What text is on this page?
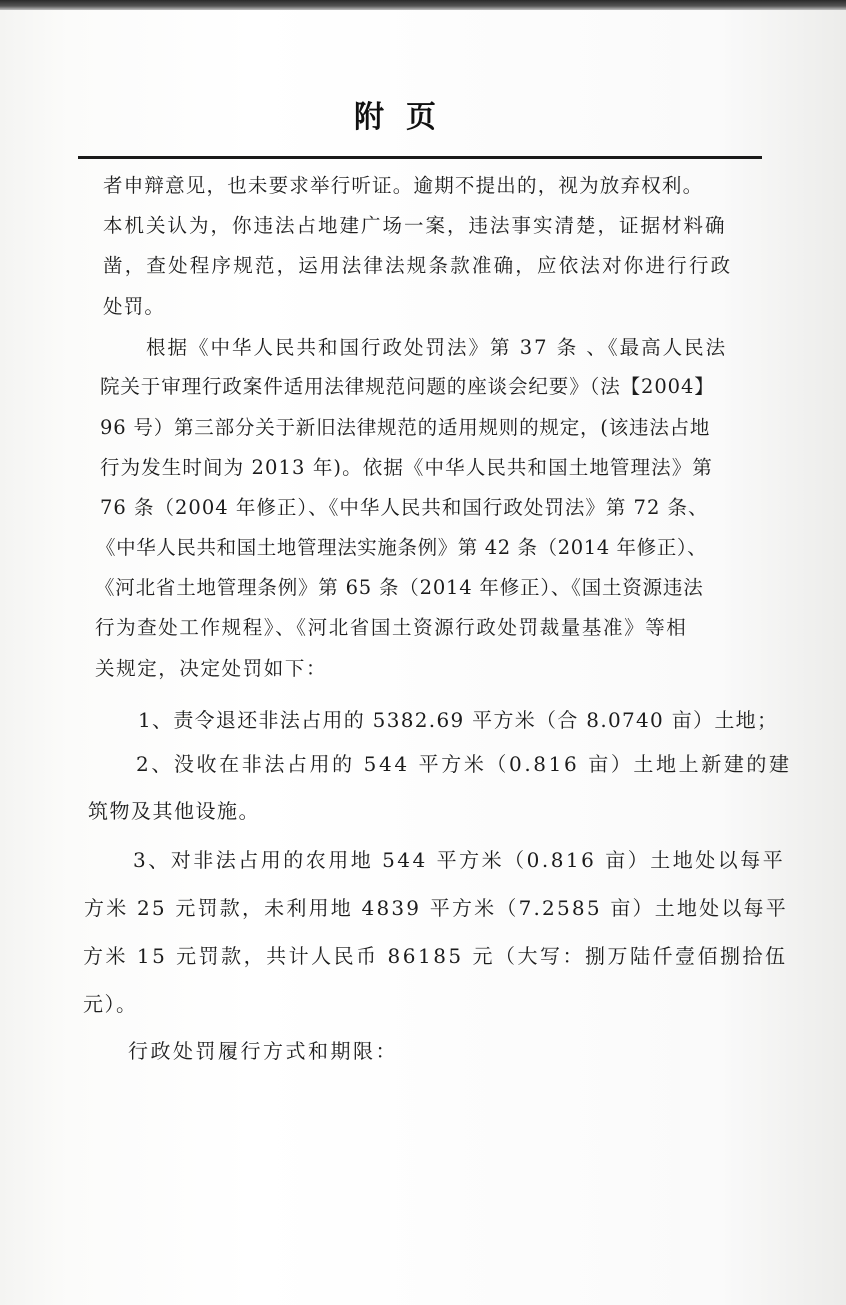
附页
者申辩意见，也未要求举行听证。逾期不提出的，视为放弃权利。
本机关认为，你违法占地建广场一案，违法事实清楚，证据材料确
凿，查处程序规范，运用法律法规条款准确，应依法对你进行行政
处罚。
根据《中华人民共和国行政处罚法》第 37 条 、《最高人民法
院关于审理行政案件适用法律规范问题的座谈会纪要》（法【2004】
96 号）第三部分关于新旧法律规范的适用规则的规定，(该违法占地
行为发生时间为 2013 年)。依据《中华人民共和国土地管理法》第
76 条（2004 年修正）、《中华人民共和国行政处罚法》第 72 条、
《中华人民共和国土地管理法实施条例》第 42 条（2014 年修正）、
《河北省土地管理条例》第 65 条（2014 年修正）、《国土资源违法
行为查处工作规程》、《河北省国土资源行政处罚裁量基准》等相
关规定，决定处罚如下：
1、责令退还非法占用的 5382.69 平方米（合 8.0740 亩）土地；
2、没收在非法占用的 544 平方米（0.816 亩）土地上新建的建
筑物及其他设施。
3、对非法占用的农用地 544 平方米（0.816 亩）土地处以每平
方米 25 元罚款，未利用地 4839 平方米（7.2585 亩）土地处以每平
方米 15 元罚款，共计人民币 86185 元（大写：捌万陆仟壹佰捌拾伍
元）。
行政处罚履行方式和期限：
